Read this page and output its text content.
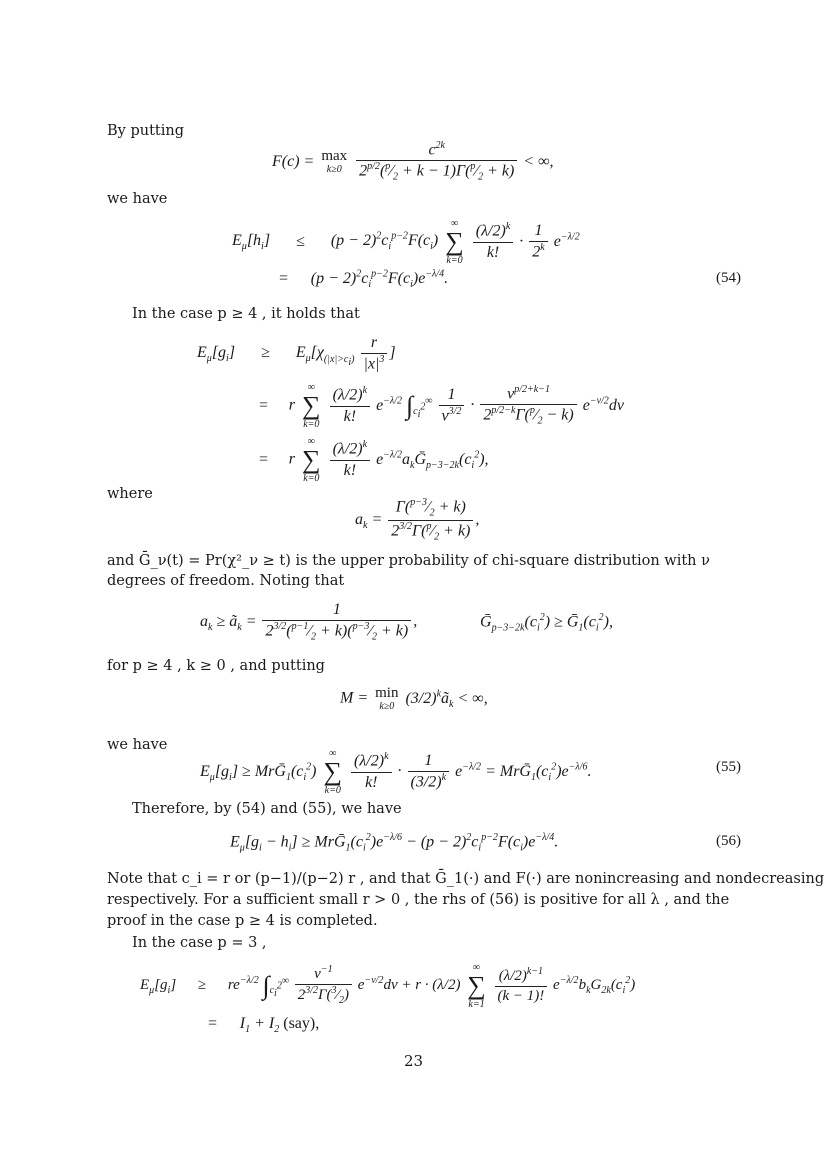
By putting
F(c) = max
k≥0
$\frac{c^{2k}}{2^{p/2}(^p⁄_2 + k - 1)\Gamma(^p⁄_2 + k)}$ < ∞,
we have
$E_\mu[h_i] \le (p - 2)^2c_i^{p-2}F(c_i)$
∞
∑
k=0
$\frac{(\lambda/2)^k}{k!} \cdot \frac{1}{2^k} e^{-\lambda/2}$
= $(p - 2)^2c_i^{p-2}F(c_i)e^{-\lambda/4}$.	(54)
In the case p ≥ 4 , it holds that
$E_\mu[g_i] \ge E_\mu[\chi_{(|x|>c_i)} \frac{r}{|x|^3}$ ]
= r
∞
∑
k=0
$\frac{(\lambda/2)^k}{k!} e^{-\lambda/2}$ $\int_{c_i^2}^\infty \frac{1}{v^{3/2}} \cdot \frac{v^{p/2+k-1}}{2^{p/2-k}\Gamma(^p⁄_2 - k)} e^{-v/2}dv$
= r
∞
∑
k=0
$\frac{(\lambda/2)^k}{k!}$ $e^{-\lambda/2}a_kḠ_{p-3-2k}(c_i^2)$,
where
$a_k = \frac{\Gamma(^{p-3}⁄_2 + k)}{2^{3/2}\Gamma(^p⁄_2 + k)}$ ,
and Ḡ_ν(t) = Pr(χ²_ν ≥ t) is the upper probability of chi-square distribution with ν
degrees of freedom. Noting that
$a_k$ ≥ $ã_k = \frac{1}{2^{3/2}(^{p-1}⁄_2 + k)(^{p-3}⁄_2 + k)}$ ,	$Ḡ_{p-3-2k}(c_i^2)$ ≥ $Ḡ_1(c_i^2)$,
for p ≥ 4 , k ≥ 0 , and putting
M = min
k≥0 $(3/2)^kã_k$ < ∞,
we have
$E_\mu[g_i]$ ≥ $MrḠ_1(c_i^2)$
∞
∑
k=0
$\frac{(\lambda/2)^k}{k!} \cdot \frac{1}{(3/2)^k} e^{-\lambda/2}$ = $MrḠ_1(c_i^2)e^{-\lambda/6}$.	(55)
Therefore, by (54) and (55), we have
$E_\mu[g_i - h_i]$ ≥ $MrḠ_1(c_i^2)e^{-\lambda/6} - (p - 2)^2c_i^{p-2}F(c_i)e^{-\lambda/4}$.	(56)
Note that c_i = r or (p−1)/(p−2) r , and that Ḡ_1(·) and F(·) are nonincreasing and nondecreasing
respectively. For a sufficient small r > 0 , the rhs of (56) is positive for all λ , and the
proof in the case p ≥ 4 is completed.
In the case p = 3 ,
$E_\mu[g_i] \ge re^{-\lambda/2}$ $\int_{c_i^2}^\infty \frac{v^{-1}}{2^{3/2}\Gamma(^3⁄_2)} e^{-v/2}dv + r \cdot (\lambda/2)$
∞
∑
k=1
$\frac{(\lambda/2)^{k-1}}{(k - 1)!} e^{-\lambda/2}b_kG_{2k}(c_i^2)$
= $I_1 + I_2$ (say),
23
